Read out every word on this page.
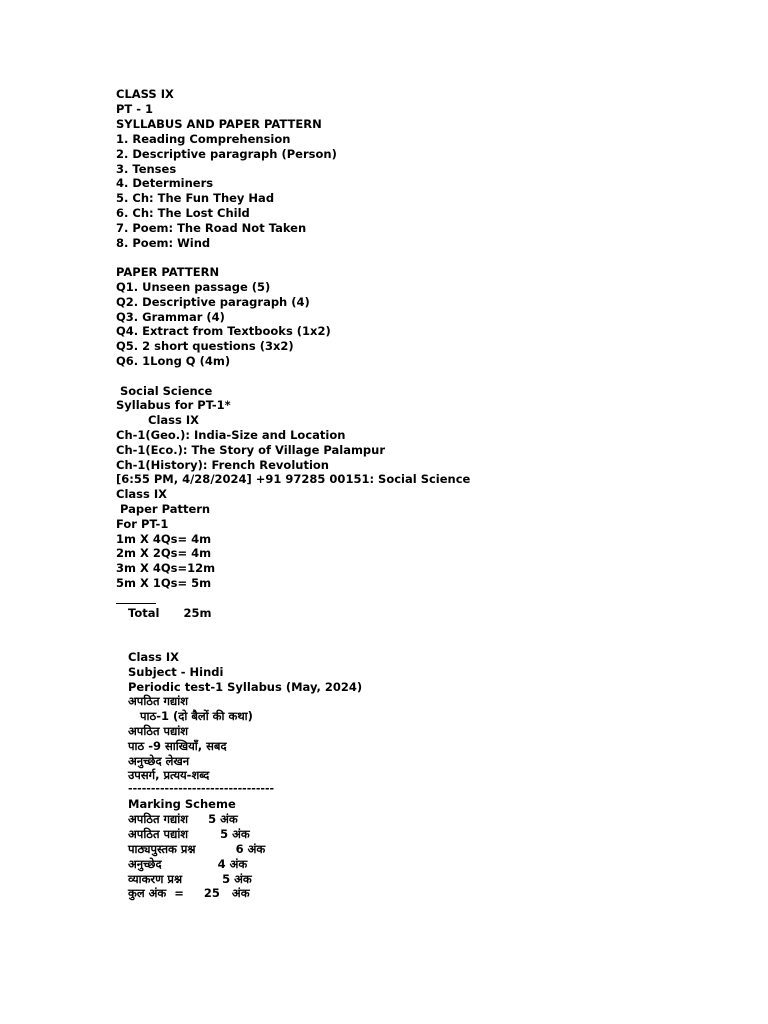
CLASS IX
PT - 1
SYLLABUS AND PAPER PATTERN
1. Reading Comprehension
2. Descriptive paragraph (Person)
3. Tenses
4. Determiners
5. Ch: The Fun They Had
6. Ch: The Lost Child
7. Poem: The Road Not Taken
8. Poem: Wind
PAPER PATTERN
Q1. Unseen passage (5)
Q2. Descriptive paragraph (4)
Q3. Grammar (4)
Q4. Extract from Textbooks (1x2)
Q5. 2 short questions (3x2)
Q6. 1Long Q (4m)
Social Science
Syllabus for PT-1*
Class IX
Ch-1(Geo.): India-Size and Location
Ch-1(Eco.): The Story of Village Palampur
Ch-1(History): French Revolution
[6:55 PM, 4/28/2024] +91 97285 00151: Social Science
Class IX
Paper Pattern
For PT-1
1m X 4Qs= 4m
2m X 2Qs= 4m
3m X 4Qs=12m
5m X 1Qs= 5m
Total      25m
Class IX
Subject - Hindi
Periodic test-1 Syllabus (May, 2024)
अपठित गद्यांश
पाठ-1 (दो बैलों की कथा)
अपठित पद्यांश
पाठ -9 साखियाँ, सबद
अनुच्छेद लेखन
उपसर्ग, प्रत्यय-शब्द
--------------------------------
Marking Scheme
अपठित गद्यांश     5 अंक
अपठित पद्यांश        5 अंक
पाठ्यपुस्तक प्रश्न          6 अंक
अनुच्छेद              4 अंक
व्याकरण प्रश्न          5 अंक
कुल अंक  =     25   अंक
